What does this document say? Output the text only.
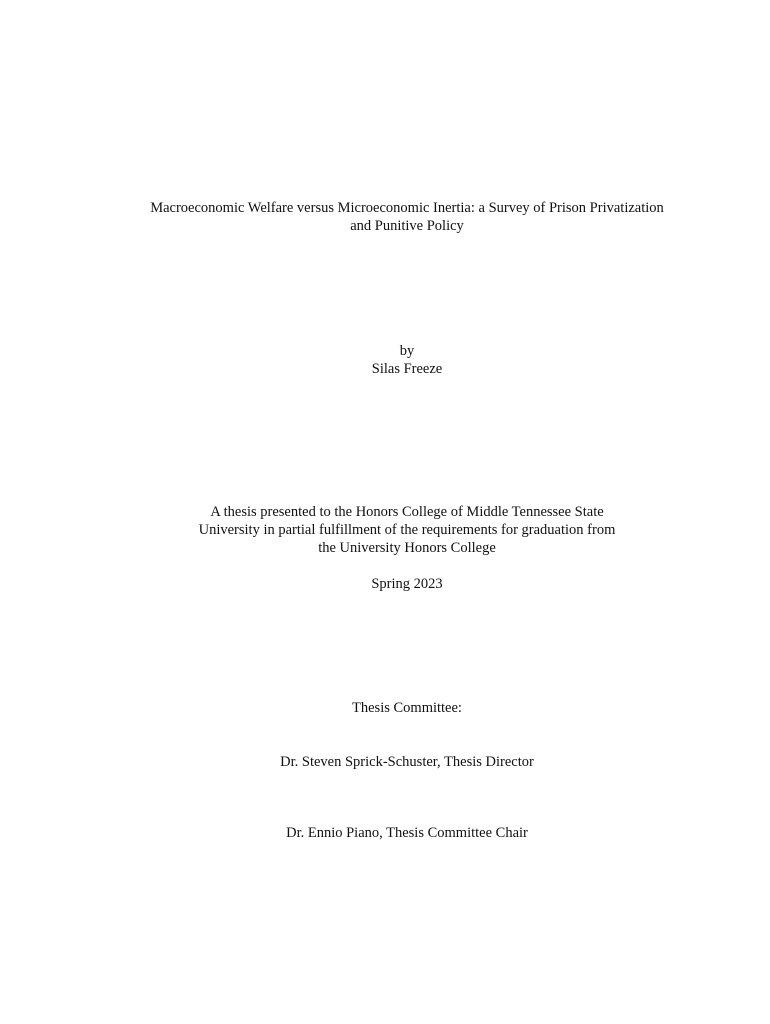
Macroeconomic Welfare versus Microeconomic Inertia: a Survey of Prison Privatization
and Punitive Policy
by
Silas Freeze
A thesis presented to the Honors College of Middle Tennessee State
University in partial fulfillment of the requirements for graduation from
the University Honors College
Spring 2023
Thesis Committee:
Dr. Steven Sprick-Schuster, Thesis Director
Dr. Ennio Piano, Thesis Committee Chair
